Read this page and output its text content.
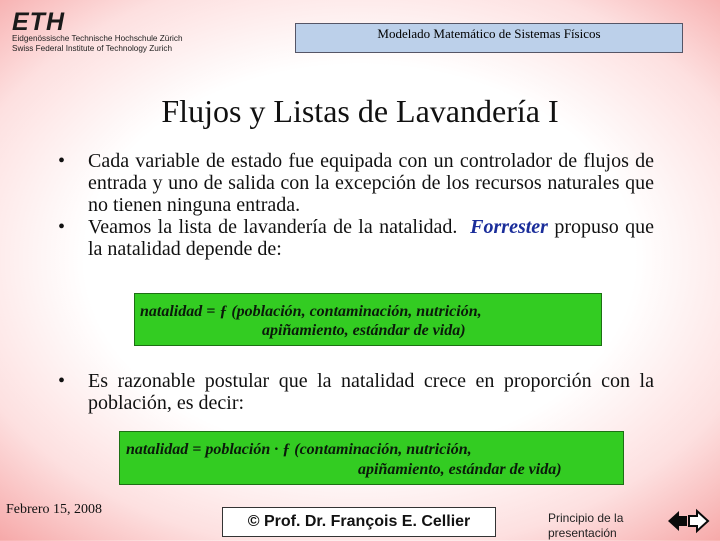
ETH
Eidgenössische Technische Hochschule Zürich
Swiss Federal Institute of Technology Zurich
Modelado Matemático de Sistemas Físicos
Flujos y Listas de Lavandería I
• Cada variable de estado fue equipada con un controlador de flujos de entrada y uno de salida con la excepción de los recursos naturales que no tienen ninguna entrada.
• Veamos la lista de lavandería de la natalidad. Forrester propuso que la natalidad depende de:
natalidad = ƒ (población, contaminación, nutrición,
apiñamiento, estándar de vida)
• Es razonable postular que la natalidad crece en proporción con la población, es decir:
natalidad = población · ƒ (contaminación, nutrición,
apiñamiento, estándar de vida)
Febrero 15, 2008
© Prof. Dr. François E. Cellier	Principio de la presentación
